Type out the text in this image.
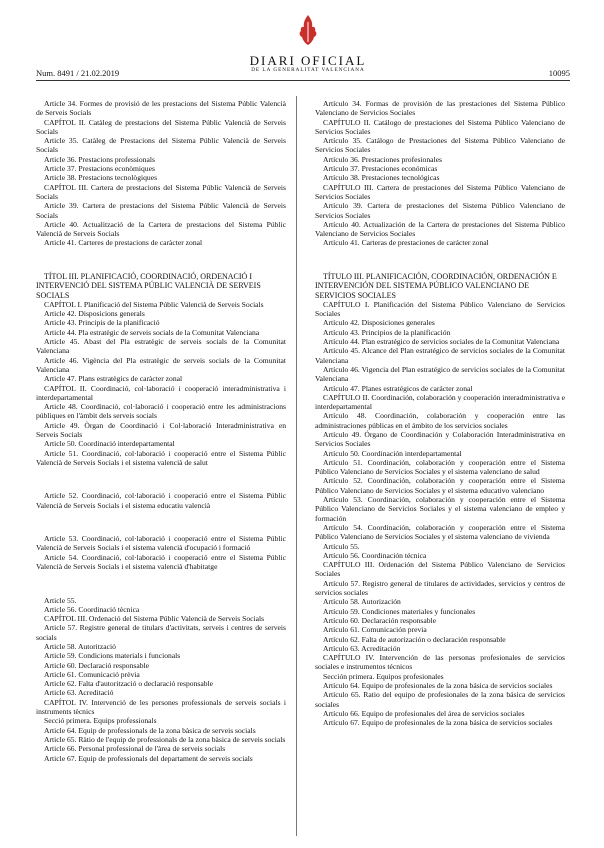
Num. 8491 / 21.02.2019
DIARI OFICIAL
DE LA GENERALITAT VALENCIANA	10095

Article 34. Formes de provisió de les prestacions del Sistema Públic Valencià de Serveis Socials

CAPÍTOL II. Catàleg de prestacions del Sistema Públic Valencià de Serveis Socials

Article 35. Catàleg de Prestacions del Sistema Públic Valencià de Serveis Socials

Article 36. Prestacions professionals

Article 37. Prestacions econòmiques

Article 38. Prestacions tecnològiques

CAPÍTOL III. Cartera de prestacions del Sistema Públic Valencià de Serveis Socials

Article 39. Cartera de prestacions del Sistema Públic Valencià de Serveis Socials

Article 40. Actualització de la Cartera de prestacions del Sistema Públic Valencià de Serveis Socials

Article 41. Carteres de prestacions de caràcter zonal

TÍTOL III. PLANIFICACIÓ, COORDINACIÓ, ORDENACIÓ I INTERVENCIÓ DEL SISTEMA PÚBLIC VALENCIÀ DE SERVEIS SOCIALS

CAPÍTOL I. Planificació del Sistema Públic Valencià de Serveis Socials

Article 42. Disposicions generals

Article 43. Principis de la planificació

Article 44. Pla estratègic de serveis socials de la Comunitat Valenciana

Article 45. Abast del Pla estratègic de serveis socials de la Comunitat Valenciana

Article 46. Vigència del Pla estratègic de serveis socials de la Comunitat Valenciana

Article 47. Plans estratègics de caràcter zonal

CAPÍTOL II. Coordinació, col·laboració i cooperació interadministrativa i interdepartamental

Article 48. Coordinació, col·laboració i cooperació entre les administracions públiques en l'àmbit dels serveis socials

Article 49. Òrgan de Coordinació i Col·laboració Interadministrativa en Serveis Socials

Article 50. Coordinació interdepartamental

Article 51. Coordinació, col·laboració i cooperació entre el Sistema Públic Valencià de Serveis Socials i el sistema valencià de salut

Article 52. Coordinació, col·laboració i cooperació entre el Sistema Públic Valencià de Serveis Socials i el sistema educatiu valencià

Article 53. Coordinació, col·laboració i cooperació entre el Sistema Públic Valencià de Serveis Socials i el sistema valencià d'ocupació i formació

Article 54. Coordinació, col·laboració i cooperació entre el Sistema Públic Valencià de Serveis Socials i el sistema valencià d'habitatge

Article 55.

Article 56. Coordinació tècnica

CAPÍTOL III. Ordenació del Sistema Públic Valencià de Serveis Socials

Article 57. Registre general de titulars d'activitats, serveis i centres de serveis socials

Article 58. Autorització

Article 59. Condicions materials i funcionals

Article 60. Declaració responsable

Article 61. Comunicació prèvia

Article 62. Falta d'autorització o declaració responsable

Article 63. Acreditació

CAPÍTOL IV. Intervenció de les persones professionals de serveis socials i instruments tècnics

Secció primera. Equips professionals

Article 64. Equip de professionals de la zona bàsica de serveis socials

Article 65. Ràtio de l'equip de professionals de la zona bàsica de serveis socials

Article 66. Personal professional de l'àrea de serveis socials

Article 67. Equip de professionals del departament de serveis socials

Artículo 34. Formas de provisión de las prestaciones del Sistema Público Valenciano de Servicios Sociales

CAPÍTULO II. Catálogo de prestaciones del Sistema Público Valenciano de Servicios Sociales

Artículo 35. Catálogo de Prestaciones del Sistema Público Valenciano de Servicios Sociales

Artículo 36. Prestaciones profesionales

Artículo 37. Prestaciones económicas

Artículo 38. Prestaciones tecnológicas

CAPÍTULO III. Cartera de prestaciones del Sistema Público Valenciano de Servicios Sociales

Artículo 39. Cartera de prestaciones del Sistema Público Valenciano de Servicios Sociales

Artículo 40. Actualización de la Cartera de prestaciones del Sistema Público Valenciano de Servicios Sociales

Artículo 41. Carteras de prestaciones de carácter zonal

TÍTULO III. PLANIFICACIÓN, COORDINACIÓN, ORDENACIÓN E INTERVENCIÓN DEL SISTEMA PÚBLICO VALENCIANO DE SERVICIOS SOCIALES

CAPÍTULO I. Planificación del Sistema Público Valenciano de Servicios Sociales

Artículo 42. Disposiciones generales

Artículo 43. Principios de la planificación

Artículo 44. Plan estratégico de servicios sociales de la Comunitat Valenciana

Artículo 45. Alcance del Plan estratégico de servicios sociales de la Comunitat Valenciana

Artículo 46. Vigencia del Plan estratégico de servicios sociales de la Comunitat Valenciana

Artículo 47. Planes estratégicos de carácter zonal

CAPÍTULO II. Coordinación, colaboración y cooperación interadministrativa e interdepartamental

Artículo 48. Coordinación, colaboración y cooperación entre las administraciones públicas en el ámbito de los servicios sociales

Artículo 49. Órgano de Coordinación y Colaboración Interadministrativa en Servicios Sociales

Artículo 50. Coordinación interdepartamental

Artículo 51. Coordinación, colaboración y cooperación entre el Sistema Público Valenciano de Servicios Sociales y el sistema valenciano de salud

Artículo 52. Coordinación, colaboración y cooperación entre el Sistema Público Valenciano de Servicios Sociales y el sistema educativo valenciano

Artículo 53. Coordinación, colaboración y cooperación entre el Sistema Público Valenciano de Servicios Sociales y el sistema valenciano de empleo y formación

Artículo 54. Coordinación, colaboración y cooperación entre el Sistema Público Valenciano de Servicios Sociales y el sistema valenciano de vivienda

Artículo 55.

Artículo 56. Coordinación técnica

CAPÍTULO III. Ordenación del Sistema Público Valenciano de Servicios Sociales

Artículo 57. Registro general de titulares de actividades, servicios y centros de servicios sociales

Artículo 58. Autorización

Artículo 59. Condiciones materiales y funcionales

Artículo 60. Declaración responsable

Artículo 61. Comunicación previa

Artículo 62. Falta de autorización o declaración responsable

Artículo 63. Acreditación

CAPÍTULO IV. Intervención de las personas profesionales de servicios sociales e instrumentos técnicos

Sección primera. Equipos profesionales

Artículo 64. Equipo de profesionales de la zona básica de servicios sociales

Artículo 65. Ratio del equipo de profesionales de la zona básica de servicios sociales

Artículo 66. Equipo de profesionales del área de servicios sociales

Artículo 67. Equipo de profesionales de la zona básica de servicios sociales
